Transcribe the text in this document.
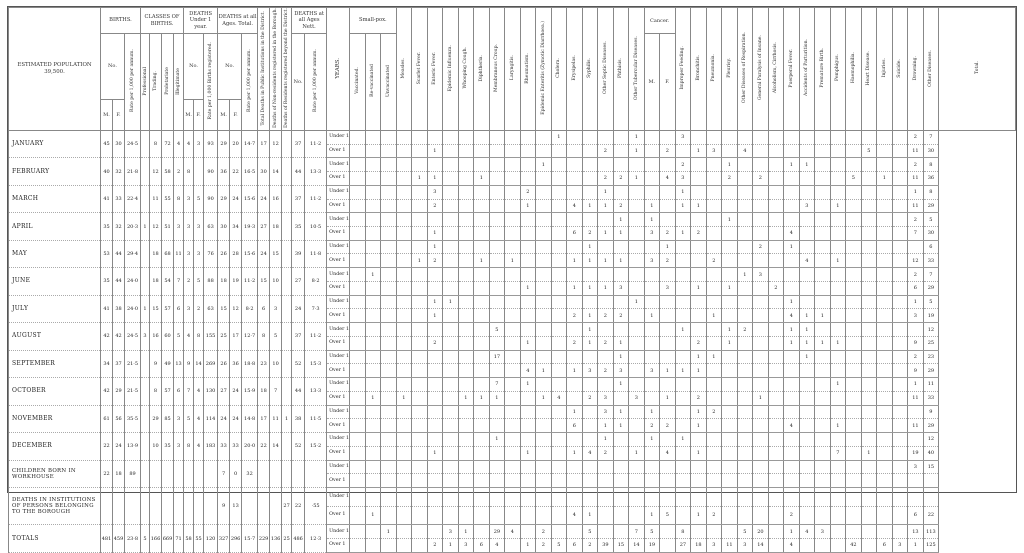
ESTIMATED POPULATION
39,500.	BIRTHS.			CLASSES OF BIRTHS.				DEATHS Under 1 year.			DEATHS at all Ages. Total.			Total Deaths in Public Institutions in the District.	Deaths of Non-residents registered in the Borough.	Deaths of Residents registered beyond the District.	DEATHS at all Ages Nett.		YEARS.	Small-pox.			Measles.	Scarlet Fever.	Enteric Fever.	Epidemic Influenza.	Whooping Cough.	Diphtheria.	Membranous Croup.	Laryngitis.	Rheumatism.	Epidemic Enteritis (Zymotic Diarrhoea.)	Cholera.	Erysipelas.	Syphilis.	Other Septic Diseases.	Phthisis.	Other Tubercular Diseases.	Cancer.		Improper Feeding.	Bronchitis.	Pneumonia.	Pleurisy.	Other Diseases of Respiration.	General Paralysis of Insane.	Alcoholism, Cirrhosis.	Puerperal Fever.	Accidents of Parturition.	Premature Birth.	Pemphigus.	Haemophilia.	Heart Disease.	Injuries.	Suicide.	Drowning.	Other Diseases.	Total.
	No.		Rate per 1,000 per annum.	Professional	Trading.	Proletariate	Illegitimate	No.		Rate per 1,000 Births registered.	No.		Rate per 1,000 per annum.				No.	Rate per 1,000 per annum.		Vaccinated.	Re-vaccinated	Unvaccinated																	M.	F.																		
	M.	F.						M.	F.		M.	F.																																														
JANUARY	45	30	24·5		8	72	4	4	3	93	29	20	14·7	17	12		37	11·2	Under 1														1					1			3															2	7	
																			Over 1						1											2		1		2		1	3		4								5			11	30	
FEBRUARY	40	32	21·8		12	58	2	8		90	36	22	16·5	30	14		44	13·3	Under 1													1									2			1				1	1							2	8	
																			Over 1					1	1			1								2	2	1		4	3			2		2						5		1		11	36	
MARCH	41	33	22·4		11	55	8	3	5	90	29	24	15·6	24	16		37	11·2	Under 1						3						2					1					1															1	8	
																			Over 1						2						1			4	1	1	2		1		1	1							3		1					11	29	
APRIL	35	32	20·3	1	12	51	3	3	3	63	30	34	19·3	27	18		35	10·5	Under 1																		1		1					1												2	5	
																			Over 1						1									6	2	1	1		3	2	1	2						4								7	30	
MAY	53	44	29·4		18	68	11	3	3	76	26	28	15·6	24	15		39	11·8	Under 1						1										1					1						2		1									6	
																			Over 1					1	2			1		1				1	1	1	1		3	2			2						4		1					12	33	
JUNE	35	44	24·0		18	54	7	2	5	88	18	19	11·2	15	10		27	8·2	Under 1		1																								1	3										2	7	
																			Over 1												1			1	1	1	3			3		1		1			2									6	29	
JULY	41	38	24·0	1	15	57	6	3	2	63	15	12	8·2	6	3		24	7·3	Under 1						1	1												1										1								1	5	
																			Over 1						1									2	1	2	2		1				1					4	1	1						3	19	
AUGUST	42	42	24·5	3	16	60	5	4	8	155	25	17	12·7	8	5		37	11·2	Under 1										5						1						1			1	2			1	1								12	
																			Over 1						2						1			2	1	2	1					2		1				1	1	1	1					9	25	
SEPTEMBER	34	37	21·5		9	49	13	9	14	269	26	36	18·8	23	10		52	15·3	Under 1										17								1					1	1						1							2	23	
																			Over 1												4	1		1	3	2	3		3	1	1	1														9	29	
OCTOBER	42	29	21·5		8	57	6	7	4	130	27	24	15·9	18	7		44	13·3	Under 1										7		1						1														1					1	11	
																			Over 1		1		1				1	1	1			1	4		2	3		3		1		2				1										11	33	
NOVEMBER	61	56	35·5		29	85	3	5	4	114	24	24	14·8	17	11	1	38	11·5	Under 1															1		3	1		1			1	2														9	
																			Over 1															6		1	1		2	2		1						4			1					11	29	
DECEMBER	22	24	13·9		10	35	3	8	4	183	33	33	20·0	22	14		52	15·2	Under 1										1							1			1		1																12	
																			Over 1						1						1			1	4	2		1		4		1									7		1			19	40	
CHILDREN BORN IN WORKHOUSE	22	18	89								7	0	32						Under 1																																					3	15	
																			Over 1																																							
DEATHS IN INSTITUTIONS OF PERSONS BELONGING TO THE BOROUGH											9	13				27	22	·55	Under 1																																							
																			Over 1		1													4	1				1	5		1	2					2								6	22	
TOTALS	481	459	23·8	5	166	669	71	58	55	120	327	296	15·7	229	136	25	486	12·3	Under 1			1				3	1		29	4		2			5			7	5		8				5	20		1	4	3						13	113	
																			Over 1						2	1	3	6	4		1	2	5	6	2	39	15	14	19		27	18	3	11	3	14		4				42		6	3	1	125	
